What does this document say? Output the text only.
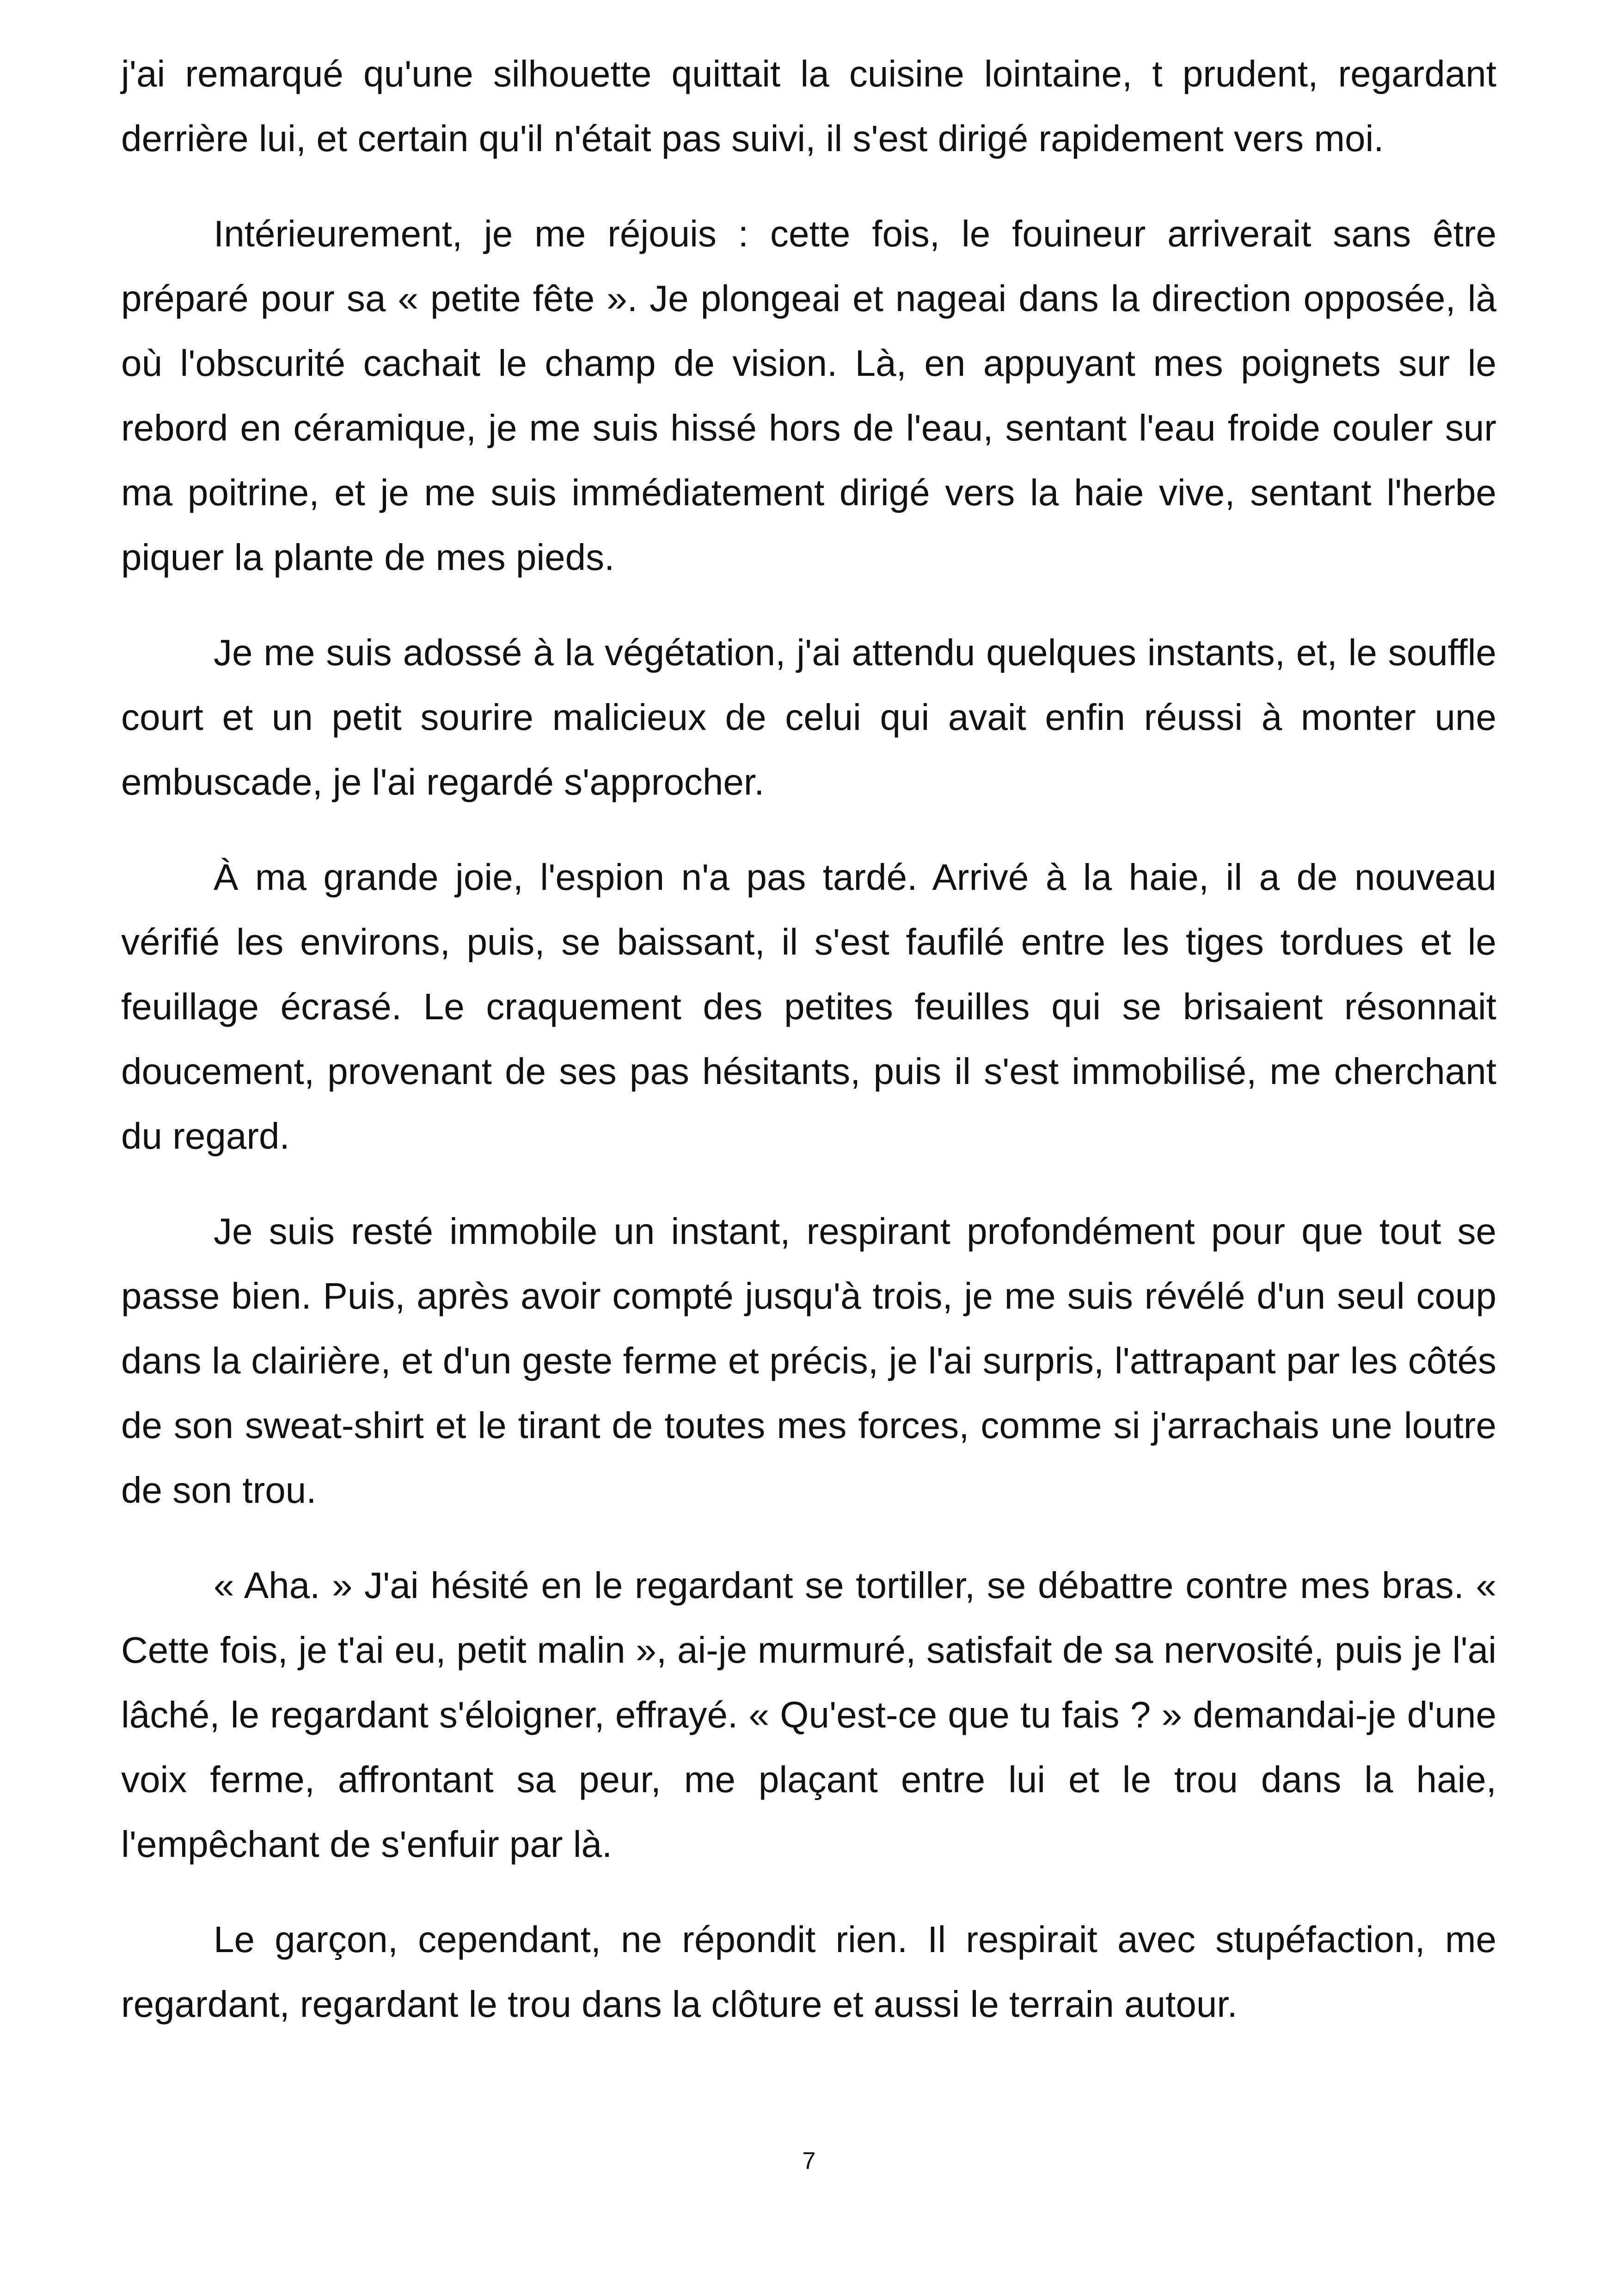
j'ai remarqué qu'une silhouette quittait la cuisine lointaine, t prudent, regardant derrière lui, et certain qu'il n'était pas suivi, il s'est dirigé rapidement vers moi.

Intérieurement, je me réjouis : cette fois, le fouineur arriverait sans être préparé pour sa « petite fête ». Je plongeai et nageai dans la direction opposée, là où l'obscurité cachait le champ de vision. Là, en appuyant mes poignets sur le rebord en céramique, je me suis hissé hors de l'eau, sentant l'eau froide couler sur ma poitrine, et je me suis immédiatement dirigé vers la haie vive, sentant l'herbe piquer la plante de mes pieds.

Je me suis adossé à la végétation, j'ai attendu quelques instants, et, le souffle court et un petit sourire malicieux de celui qui avait enfin réussi à monter une embuscade, je l'ai regardé s'approcher.

À ma grande joie, l'espion n'a pas tardé. Arrivé à la haie, il a de nouveau vérifié les environs, puis, se baissant, il s'est faufilé entre les tiges tordues et le feuillage écrasé. Le craquement des petites feuilles qui se brisaient résonnait doucement, provenant de ses pas hésitants, puis il s'est immobilisé, me cherchant du regard.

Je suis resté immobile un instant, respirant profondément pour que tout se passe bien. Puis, après avoir compté jusqu'à trois, je me suis révélé d'un seul coup dans la clairière, et d'un geste ferme et précis, je l'ai surpris, l'attrapant par les côtés de son sweat-shirt et le tirant de toutes mes forces, comme si j'arrachais une loutre de son trou.

« Aha. » J'ai hésité en le regardant se tortiller, se débattre contre mes bras. « Cette fois, je t'ai eu, petit malin », ai-je murmuré, satisfait de sa nervosité, puis je l'ai lâché, le regardant s'éloigner, effrayé. « Qu'est-ce que tu fais ? » demandai-je d'une voix ferme, affrontant sa peur, me plaçant entre lui et le trou dans la haie, l'empêchant de s'enfuir par là.

Le garçon, cependant, ne répondit rien. Il respirait avec stupéfaction, me regardant, regardant le trou dans la clôture et aussi le terrain autour.

7
